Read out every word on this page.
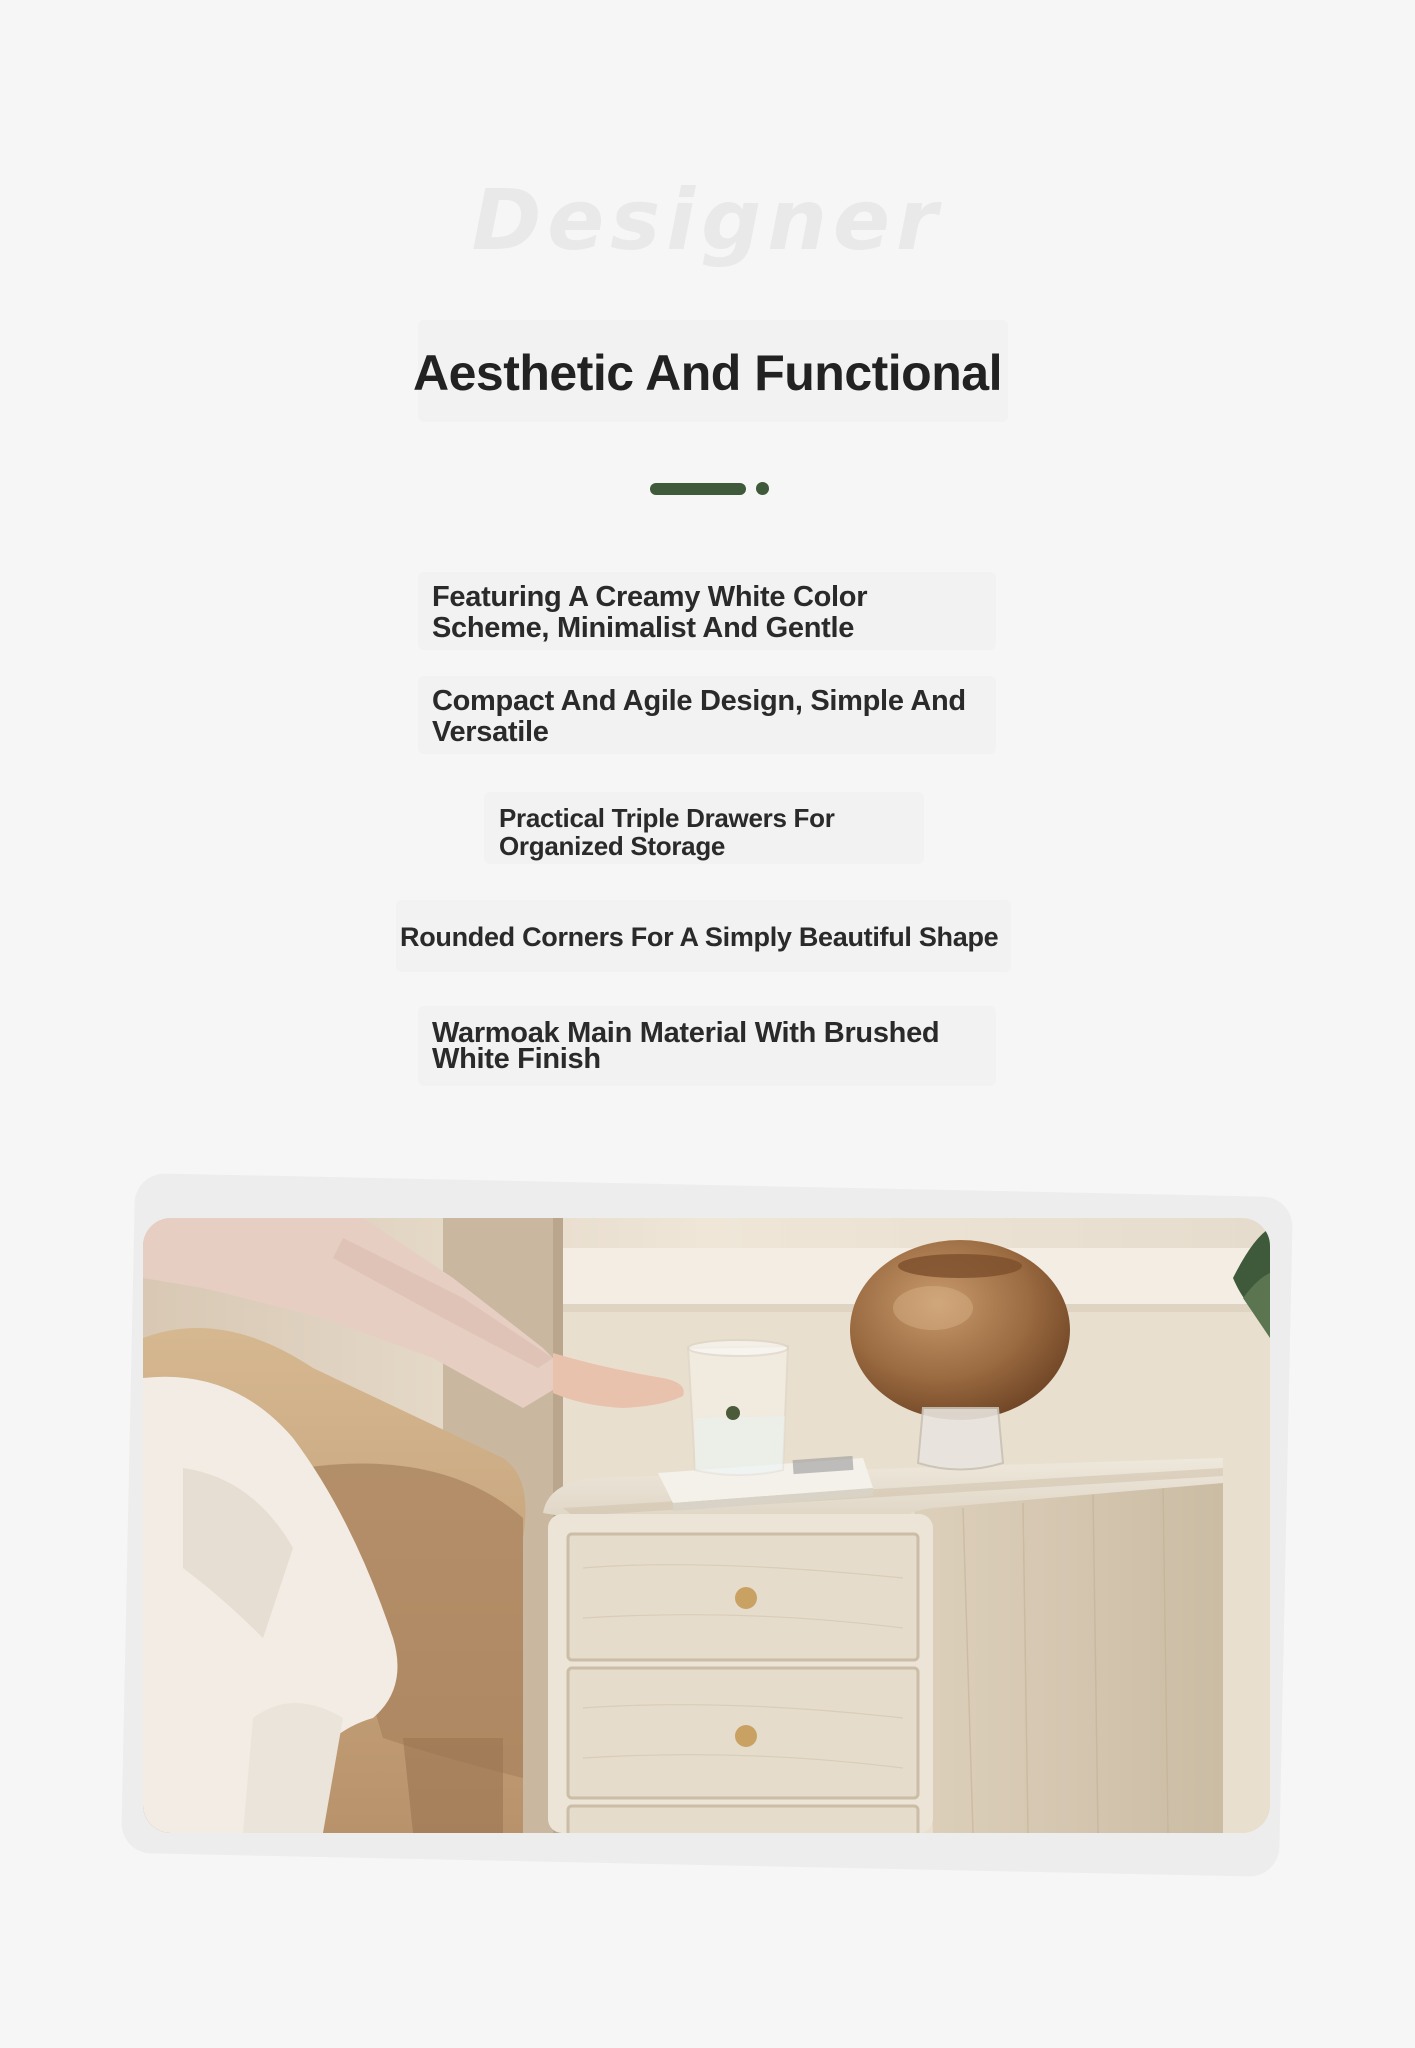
Designer
Aesthetic And Functional

Featuring A Creamy White Color Scheme, Minimalist And Gentle

Compact And Agile Design, Simple And Versatile

Practical Triple Drawers For Organized Storage

Rounded Corners For A Simply Beautiful Shape

Warmoak Main Material With Brushed White Finish
